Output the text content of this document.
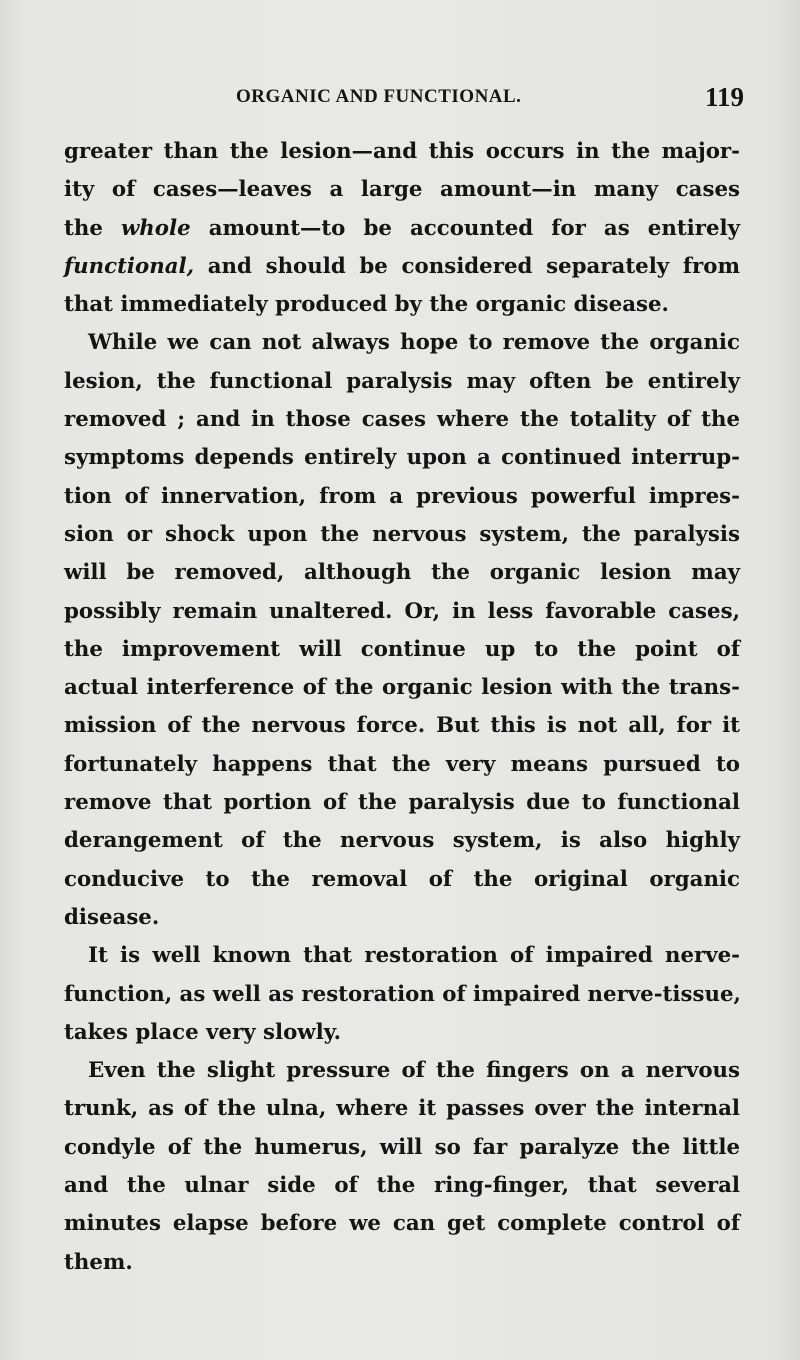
ORGANIC AND FUNCTIONAL.	119
greater than the lesion—and this occurs in the major-
ity of cases—leaves a large amount—in many cases
the whole amount—to be accounted for as entirely
functional, and should be considered separately from
that immediately produced by the organic disease.
While we can not always hope to remove the organic
lesion, the functional paralysis may often be entirely
removed ; and in those cases where the totality of the
symptoms depends entirely upon a continued interrup-
tion of innervation, from a previous powerful impres-
sion or shock upon the nervous system, the paralysis
will be removed, although the organic lesion may
possibly remain unaltered. Or, in less favorable cases,
the improvement will continue up to the point of
actual interference of the organic lesion with the trans-
mission of the nervous force. But this is not all, for it
fortunately happens that the very means pursued to
remove that portion of the paralysis due to functional
derangement of the nervous system, is also highly
conducive to the removal of the original organic
disease.
It is well known that restoration of impaired nerve-
function, as well as restoration of impaired nerve-tissue,
takes place very slowly.
Even the slight pressure of the fingers on a nervous
trunk, as of the ulna, where it passes over the internal
condyle of the humerus, will so far paralyze the little
and the ulnar side of the ring-finger, that several
minutes elapse before we can get complete control of
them.
